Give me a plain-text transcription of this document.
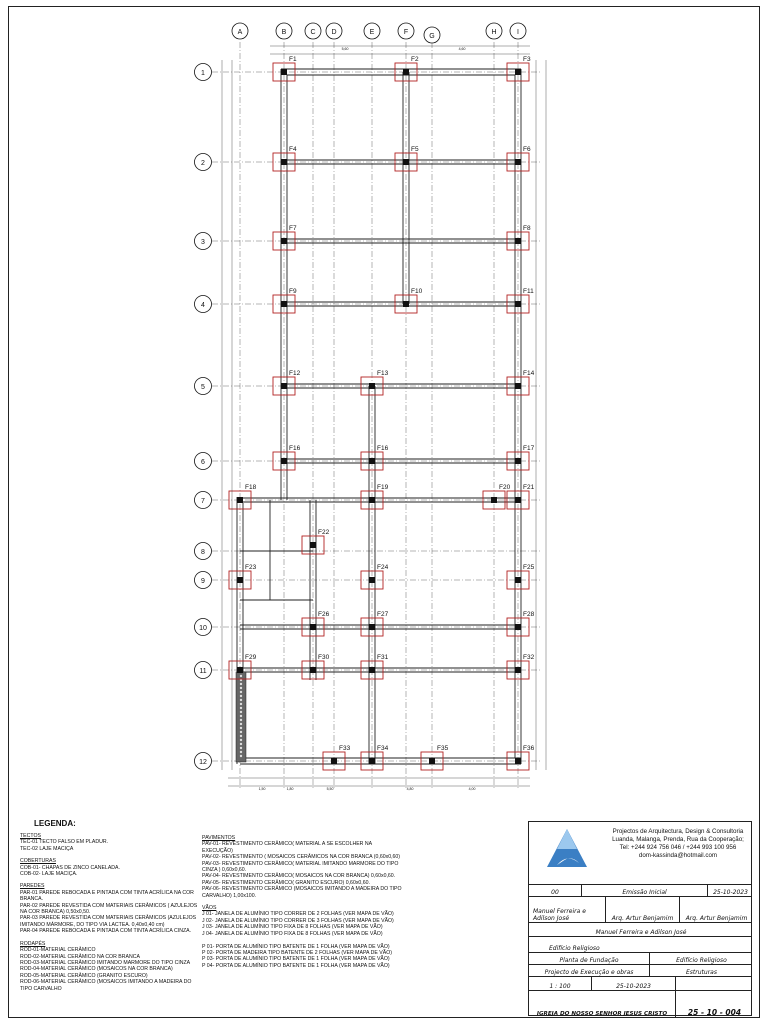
A	B	C D	E	F
G
H	I
1
2
3
4
5
6
7
8
9
10
11
12
F1	F2	F3
F4	F5	F6
F7	F8
F9	F10	F11
F12	F13	F14
F16	F16	F17
F18	F19	F20 F21
F22
F23	F24	F25
F26	F27	F28
F29	F30	F31	F32
F33	F34	F35	F36
5,60	4,60
1,50	1,80	5,50	4,80	4,00
LEGENDA:
TECTOS
TEC-01 TECTO FALSO EM PLADUR.
TEC-02 LAJE MACIÇA
COBERTURAS
COB-01- CHAPAS DE ZINCO CANELADA.
COB-02- LAJE MACIÇA.
PAREDES
PAR-01 PAREDE REBOCADA E PINTADA COM TINTA ACRÍLICA NA COR BRANCA.
PAR-02 PAREDE REVESTIDA COM MATERIAIS CERÂMICOS ( AZULEJOS NA COR BRANCA) 0,50x0,50.
PAR-03 PAREDE REVESTIDA COM MATERIAIS CERÂMICOS (AZULEJOS IMITANDO MÁRMORE, DO TIPO VIA LACTEA. 0,40x0,40 cm)
PAR-04 PAREDE REBOCADA E PINTADA COM TINTA ACRÍLICA CINZA.
RODAPÉS
ROD-01-MATERIAL CERÂMICO
ROD-02-MATERIAL CERÂMICO NA COR BRANCA
ROD-03-MATERIAL CERÂMICO IMITANDO MARMORE DO TIPO CINZA
ROD-04-MATERIAL CERÂMICO (MOSAICOS NA COR BRANCA)
ROD-05-MATERIAL CERÂMICO (GRANITO ESCURO)
ROD-06-MATERIAL CERÂMICO (MOSAICOS IMITANDO A MADEIRA DO TIPO CARVALHO
PAVIMENTOS
PAV-01- REVESTIMENTO CERÂMICO( MATERIAL A SE ESCOLHER NA EXECUÇÃO)
PAV-02- REVESTIMENTO ( MOSAICOS CERÂMICOS NA COR BRANCA (0,60x0,60)
PAV-03- REVESTIMENTO CERÂMICO( MATERIAL IMITANDO MARMORE DO TIPO CINZA ) 0,60x0,60.
PAV-04- REVESTIMENTO CERÂMICO( MOSAICOS NA COR BRANCA) 0,60x0,60.
PAV-05- REVESTIMENTO CERÂMICO( GRANITO ESCURO) 0,60x0,60.
PAV-06- REVESTIMENTO CERÂMICO (MOSAICOS IMITANDO A MADEIRA DO TIPO CARVALHO) 1,00x100.
VÃOS
J 01- JANELA DE ALUMÍNIO TIPO CORRER DE 2 FOLHAS (VER MAPA DE VÃO)
J 02- JANELA DE ALUMÍNIO TIPO CORRER DE 3 FOLHAS (VER MAPA DE VÃO)
J 03- JANELA DE ALUMÍNIO TIPO FIXA DE 8 FOLHAS (VER MAPA DE VÃO)
J 04- JANELA DE ALUMÍNIO TIPO FIXA DE 8 FOLHAS (VER MAPA DE VÃO)

P 01- PORTA DE ALUMÍNIO TIPO BATENTE DE 1 FOLHA (VER MAPA DE VÃO)
P 02- PORTA DE MADEIRA TIPO BATENTE DE 2 FOLHAS (VER MAPA DE VÃO)
P 03- PORTA DE ALUMÍNIO TIPO BATENTE DE 1 FOLHA (VER MAPA DE VÃO)
P 04- PORTA DE ALUMÍNIO TIPO BATENTE DE 1 FOLHA (VER MAPA DE VÃO)
Projectos de Arquitectura, Design & Consultoria
Luanda, Malanga, Prenda, Rua da Cooperação;
Tel: +244 924 756 046 / +244 993 100 956
dom-kassinda@hotmail.com
00	Emissão Inicial	25-10-2023
Manuel Ferreira e Adilson José	Arq. Artur Benjamim	Arq. Artur Benjamim
Manuel Ferreira e Adilson José
Edifício Religioso
Planta de Fundação	Edifício Religioso
Projecto de Execução e obras	Estruturas
1 : 100	25-10-2023
IGREJA DO NOSSO SENHOR JESUS CRISTO	25 - 10 - 004
